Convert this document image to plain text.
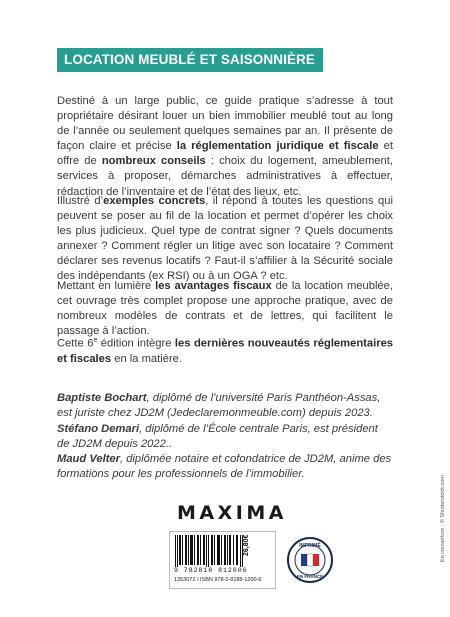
LOCATION MEUBLÉ ET SAISONNIÈRE

Destiné à un large public, ce guide pratique s’adresse à tout propriétaire désirant louer un bien immobilier meublé tout au long de l’année ou seulement quelques semaines par an. Il présente de façon claire et précise la réglementation juridique et fiscale et offre de nombreux conseils : choix du logement, ameublement, services à proposer, démarches administratives à effectuer, rédaction de l’inventaire et de l’état des lieux, etc.

Illustré d’exemples concrets, il répond à toutes les questions qui peuvent se poser au fil de la location et permet d’opérer les choix les plus judicieux. Quel type de contrat signer ? Quels documents annexer ? Comment régler un litige avec son locataire ? Comment déclarer ses revenus locatifs ? Faut-il s’affilier à la Sécurité sociale des indépendants (ex RSI) ou à un OGA ? etc.

Mettant en lumière les avantages fiscaux de la location meublée, cet ouvrage très complet propose une approche pratique, avec de nombreux modèles de contrats et de lettres, qui facilitent le passage à l’action.

Cette 6e édition intègre les dernières nouveautés réglementaires et fiscales en la matière.

Baptiste Bochart, diplômé de l’université Paris Panthéon-Assas, est juriste chez JD2M (Jedeclaremonmeuble.com) depuis 2023.

Stéfano Demari, diplômé de l’École centrale Paris, est président de JD2M depuis 2022..

Maud Velter, diplômée notaire et cofondatrice de JD2M, anime des formations pour les professionnels de l’immobilier.

MAXIMA
9 782818 812006
1353072 / ISBN 978-2-8188-1200-6
26,80€	IMPRIMÉ
EN FRANCE
En couverture : © Shutterstock.com
